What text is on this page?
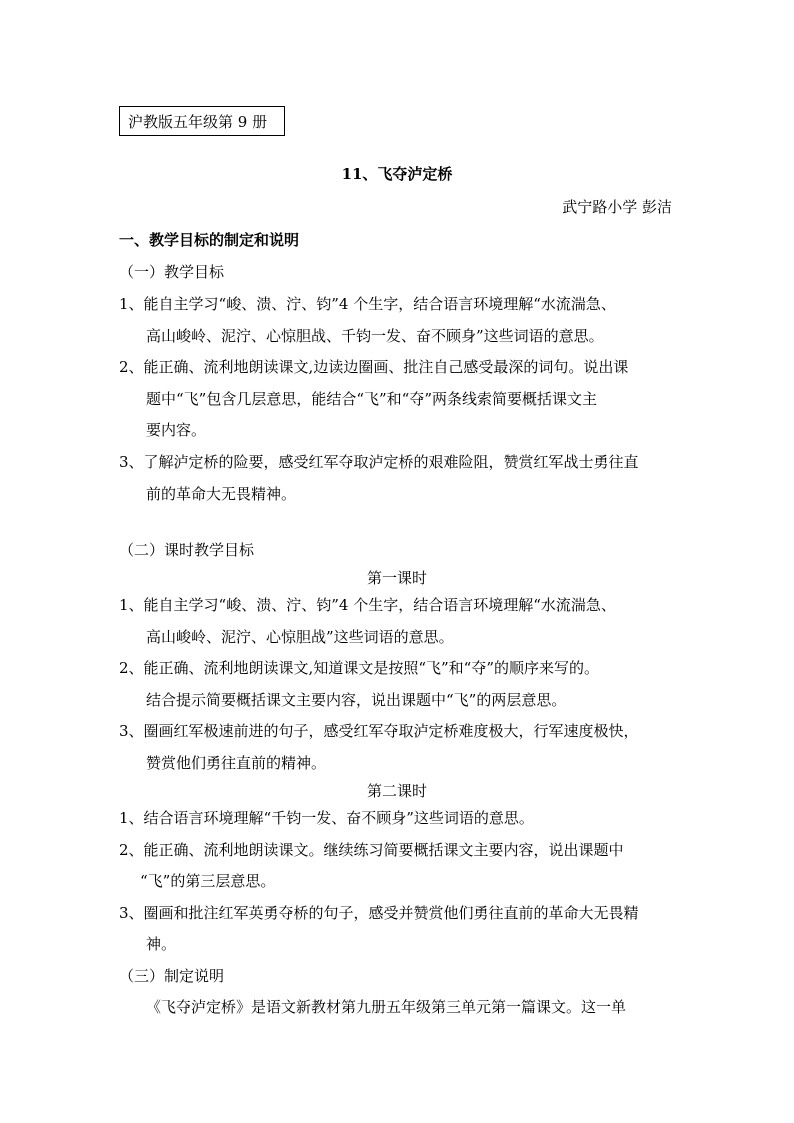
沪教版五年级第 9 册
11、飞夺泸定桥
武宁路小学 彭洁
一、教学目标的制定和说明
（一）教学目标
1、能自主学习“峻、溃、泞、钧”4 个生字，结合语言环境理解“水流湍急、
高山峻岭、泥泞、心惊胆战、千钧一发、奋不顾身”这些词语的意思。
2、能正确、流利地朗读课文,边读边圈画、批注自己感受最深的词句。说出课
题中“飞”包含几层意思，能结合“飞”和“夺”两条线索简要概括课文主
要内容。
3、了解泸定桥的险要，感受红军夺取泸定桥的艰难险阻，赞赏红军战士勇往直
前的革命大无畏精神。
（二）课时教学目标
第一课时
1、能自主学习“峻、溃、泞、钧”4 个生字，结合语言环境理解“水流湍急、
高山峻岭、泥泞、心惊胆战”这些词语的意思。
2、能正确、流利地朗读课文,知道课文是按照“飞”和“夺”的顺序来写的。
结合提示简要概括课文主要内容，说出课题中“飞”的两层意思。
3、圈画红军极速前进的句子，感受红军夺取泸定桥难度极大，行军速度极快，
赞赏他们勇往直前的精神。
第二课时
1、结合语言环境理解“千钧一发、奋不顾身”这些词语的意思。
2、能正确、流利地朗读课文。继续练习简要概括课文主要内容，说出课题中
“飞”的第三层意思。
3、圈画和批注红军英勇夺桥的句子，感受并赞赏他们勇往直前的革命大无畏精
神。
（三）制定说明
《飞夺泸定桥》是语文新教材第九册五年级第三单元第一篇课文。这一单
